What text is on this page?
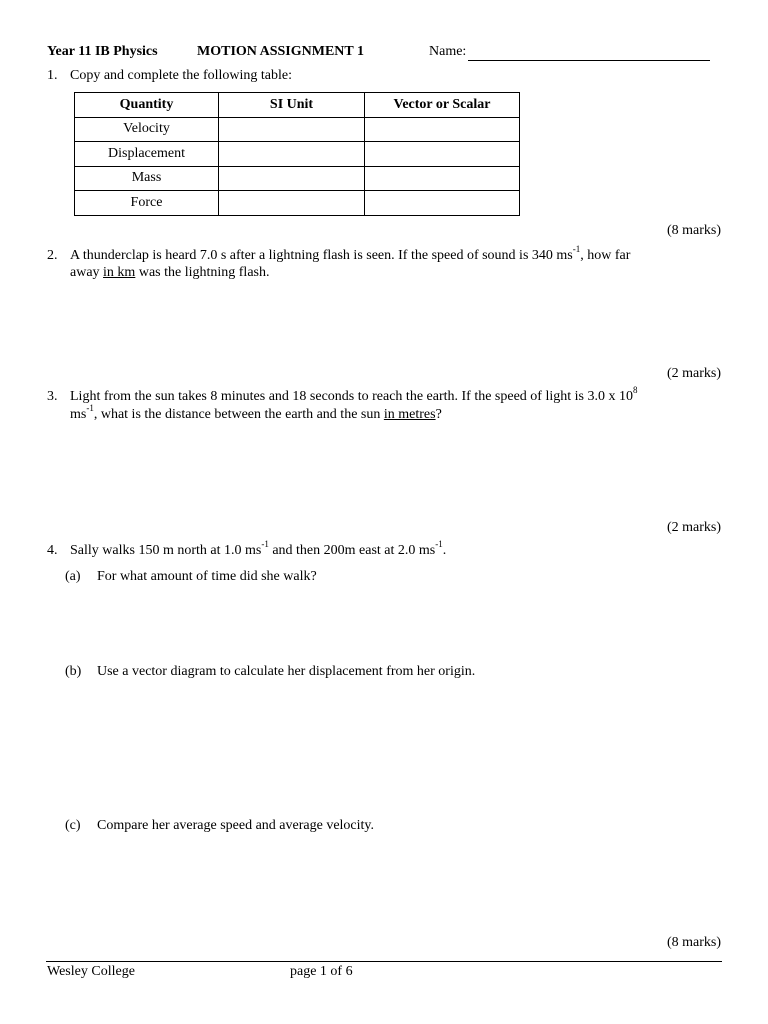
Year 11 IB Physics	MOTION ASSIGNMENT 1	Name:
1. Copy and complete the following table:
Quantity	SI Unit	Vector or Scalar
Velocity		
Displacement		
Mass		
Force		
(8 marks)
2. A thunderclap is heard 7.0 s after a lightning flash is seen. If the speed of sound is 340 $ms^{-1}$, how far
away in km was the lightning flash.
(2 marks)
3. Light from the sun takes 8 minutes and 18 seconds to reach the earth. If the speed of light is 3.0 x $10^8$
$ms^{-1}$, what is the distance between the earth and the sun in metres?
(2 marks)
4. Sally walks 150 m north at 1.0 $ms^{-1}$ and then 200m east at 2.0 $ms^{-1}$.
(a) For what amount of time did she walk?
(b) Use a vector diagram to calculate her displacement from her origin.
(c) Compare her average speed and average velocity.
(8 marks)
Wesley College	page 1 of 6
